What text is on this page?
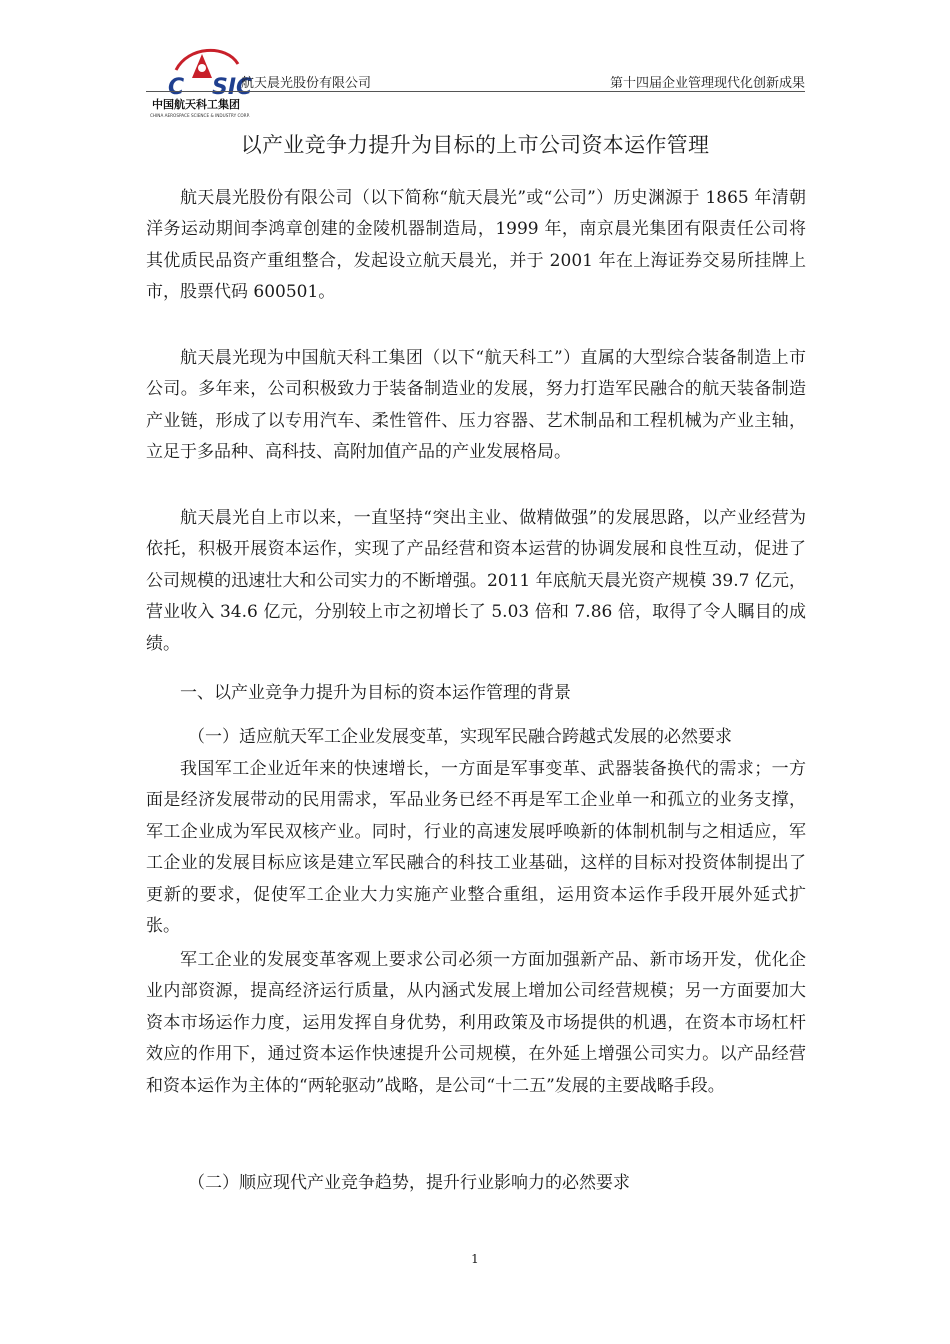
C SIC
中国航天科工集团
CHINA AEROSPACE SCIENCE & INDUSTRY CORP.
航天晨光股份有限公司	第十四届企业管理现代化创新成果
以产业竞争力提升为目标的上市公司资本运作管理

航天晨光股份有限公司（以下简称“航天晨光”或“公司”）历史渊源于 1865 年清朝洋务运动期间李鸿章创建的金陵机器制造局，1999 年，南京晨光集团有限责任公司将其优质民品资产重组整合，发起设立航天晨光，并于 2001 年在上海证券交易所挂牌上市，股票代码 600501。

航天晨光现为中国航天科工集团（以下“航天科工”）直属的大型综合装备制造上市公司。多年来，公司积极致力于装备制造业的发展，努力打造军民融合的航天装备制造产业链，形成了以专用汽车、柔性管件、压力容器、艺术制品和工程机械为产业主轴，立足于多品种、高科技、高附加值产品的产业发展格局。

航天晨光自上市以来，一直坚持“突出主业、做精做强”的发展思路，以产业经营为依托，积极开展资本运作，实现了产品经营和资本运营的协调发展和良性互动，促进了公司规模的迅速壮大和公司实力的不断增强。2011 年底航天晨光资产规模 39.7 亿元，营业收入 34.6 亿元，分别较上市之初增长了 5.03 倍和 7.86 倍，取得了令人瞩目的成绩。

一、以产业竞争力提升为目标的资本运作管理的背景

（一）适应航天军工企业发展变革，实现军民融合跨越式发展的必然要求

我国军工企业近年来的快速增长，一方面是军事变革、武器装备换代的需求；一方面是经济发展带动的民用需求，军品业务已经不再是军工企业单一和孤立的业务支撑，军工企业成为军民双核产业。同时，行业的高速发展呼唤新的体制机制与之相适应，军工企业的发展目标应该是建立军民融合的科技工业基础，这样的目标对投资体制提出了更新的要求，促使军工企业大力实施产业整合重组，运用资本运作手段开展外延式扩张。

军工企业的发展变革客观上要求公司必须一方面加强新产品、新市场开发，优化企业内部资源，提高经济运行质量，从内涵式发展上增加公司经营规模；另一方面要加大资本市场运作力度，运用发挥自身优势，利用政策及市场提供的机遇，在资本市场杠杆效应的作用下，通过资本运作快速提升公司规模，在外延上增强公司实力。以产品经营和资本运作为主体的“两轮驱动”战略，是公司“十二五”发展的主要战略手段。

（二）顺应现代产业竞争趋势，提升行业影响力的必然要求

1
